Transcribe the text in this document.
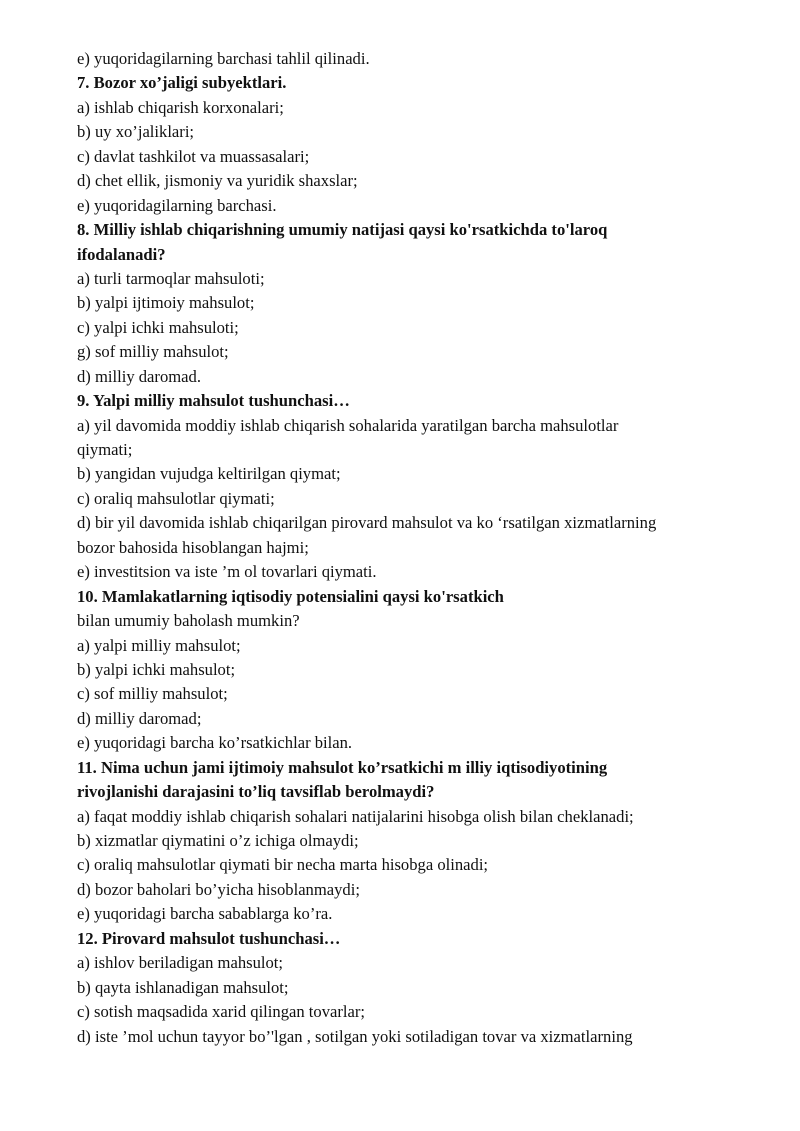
e) yuqoridagilarning barchasi tahlil qilinadi.
7. Bozor xo’jaligi subyektlari.
a) ishlab chiqarish korxonalari;
b) uy xo’jaliklari;
c) davlat tashkilot va muassasalari;
d) chet ellik, jismoniy va yuridik shaxslar;
e) yuqoridagilarning barchasi.
8. Milliy ishlab chiqarishning umumiy natijasi qaysi ko'rsatkichda to'laroq
ifodalanadi?
a) turli tarmoqlar mahsuloti;
b) yalpi ijtimoiy mahsulot;
c) yalpi ichki mahsuloti;
g) sof milliy mahsulot;
d) milliy daromad.
9. Yalpi milliy mahsulot tushunchasi…
a) yil davomida moddiy ishlab chiqarish sohalarida yaratilgan barcha mahsulotlar
qiymati;
b) yangidan vujudga keltirilgan qiymat;
c) oraliq mahsulotlar qiymati;
d) bir yil davomida ishlab chiqarilgan pirovard mahsulot va ko ‘rsatilgan xizmatlarning
bozor bahosida hisoblangan hajmi;
e) investitsion va iste ’m ol tovarlari qiymati.
10. Mamlakatlarning iqtisodiy potensialini qaysi ko'rsatkich
bilan umumiy baholash mumkin?
a) yalpi milliy mahsulot;
b) yalpi ichki mahsulot;
c) sof milliy mahsulot;
d) milliy daromad;
e) yuqoridagi barcha ko’rsatkichlar bilan.
11. Nima uchun jami ijtimoiy mahsulot ko’rsatkichi m illiy iqtisodiyotining
rivojlanishi darajasini to’liq tavsiflab berolmaydi?
a) faqat moddiy ishlab chiqarish sohalari natijalarini hisobga olish bilan cheklanadi;
b) xizmatlar qiymatini o’z ichiga olmaydi;
c) oraliq mahsulotlar qiymati bir necha marta hisobga olinadi;
d) bozor baholari bo’yicha hisoblanmaydi;
e) yuqoridagi barcha sabablarga ko’ra.
12. Pirovard mahsulot tushunchasi…
a) ishlov beriladigan mahsulot;
b) qayta ishlanadigan mahsulot;
c) sotish maqsadida xarid qilingan tovarlar;
d) iste ’mol uchun tayyor bo’'lgan , sotilgan yoki sotiladigan tovar va xizmatlarning
